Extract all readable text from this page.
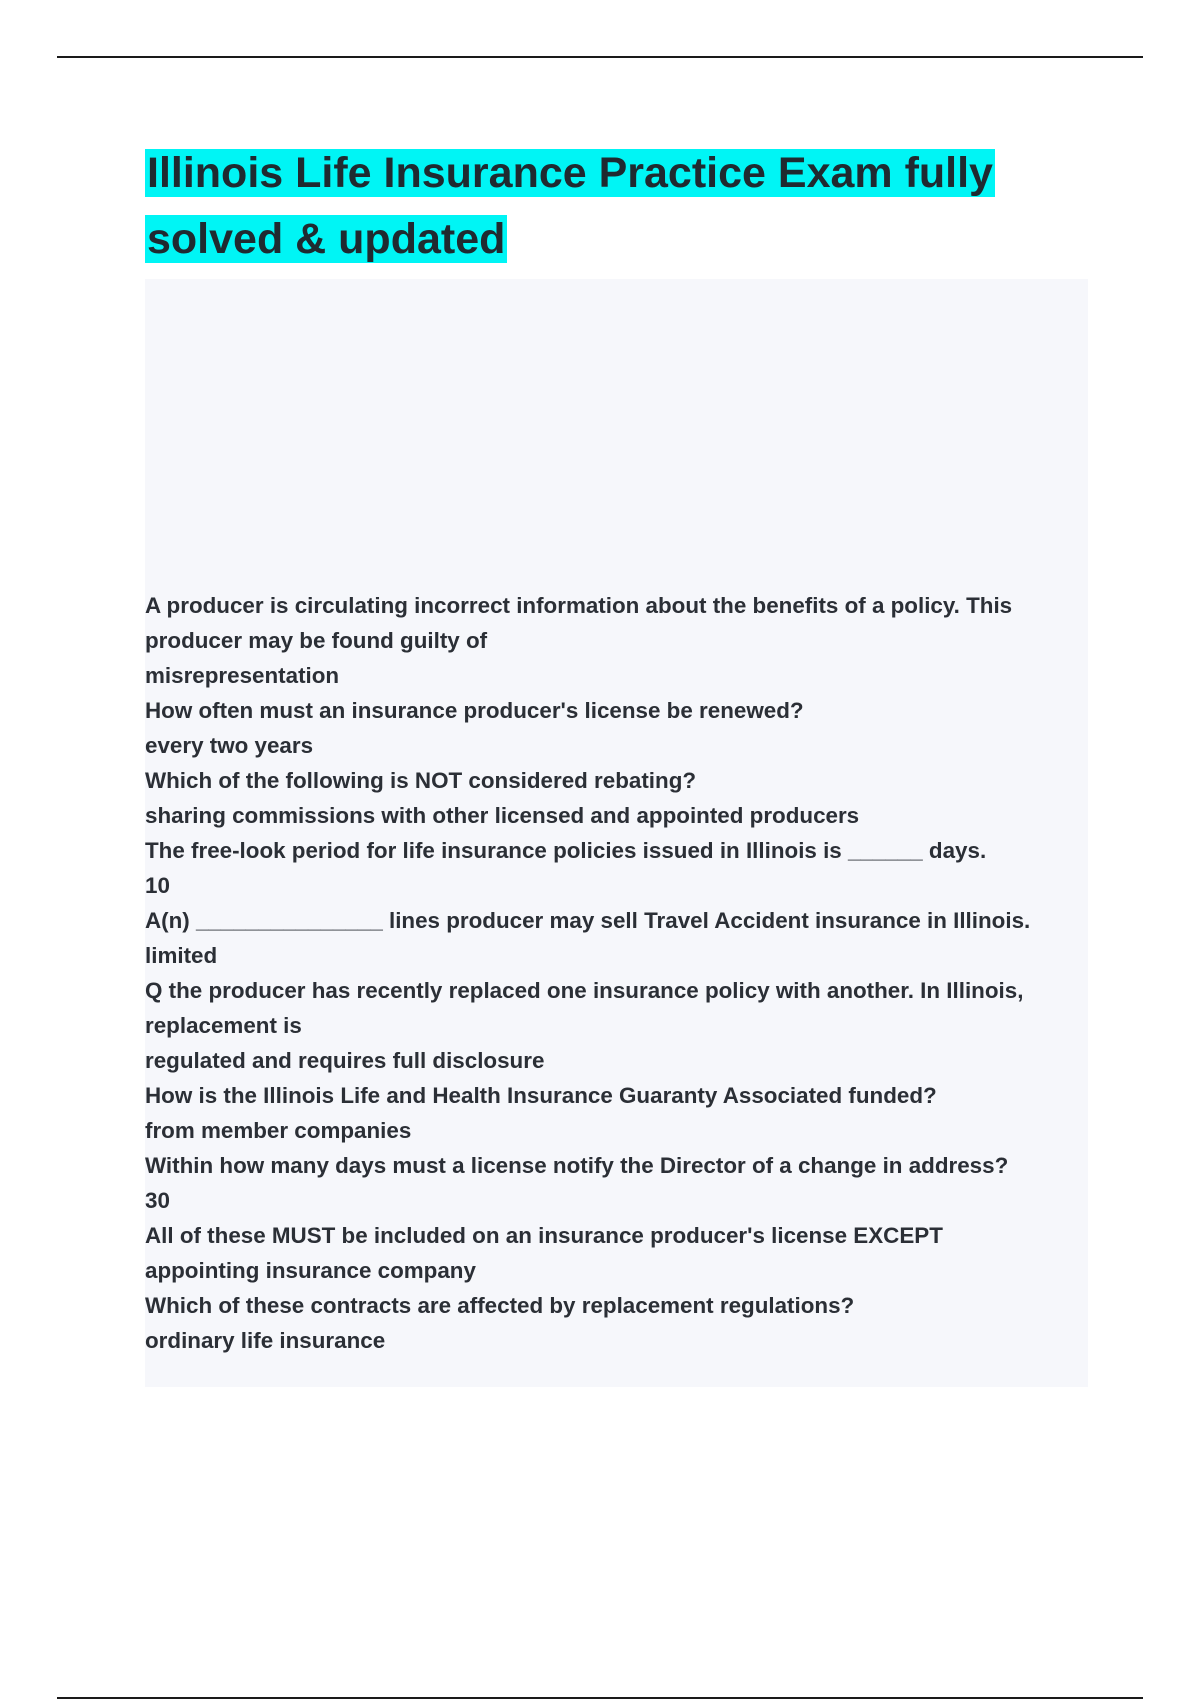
Illinois Life Insurance Practice Exam fully solved & updated
A producer is circulating incorrect information about the benefits of a policy. This producer may be found guilty of
misrepresentation
How often must an insurance producer's license be renewed?
every two years
Which of the following is NOT considered rebating?
sharing commissions with other licensed and appointed producers
The free-look period for life insurance policies issued in Illinois is ______ days.
10
A(n) _______________ lines producer may sell Travel Accident insurance in Illinois.
limited
Q the producer has recently replaced one insurance policy with another. In Illinois, replacement is
regulated and requires full disclosure
How is the Illinois Life and Health Insurance Guaranty Associated funded?
from member companies
Within how many days must a license notify the Director of a change in address?
30
All of these MUST be included on an insurance producer's license EXCEPT
appointing insurance company
Which of these contracts are affected by replacement regulations?
ordinary life insurance
